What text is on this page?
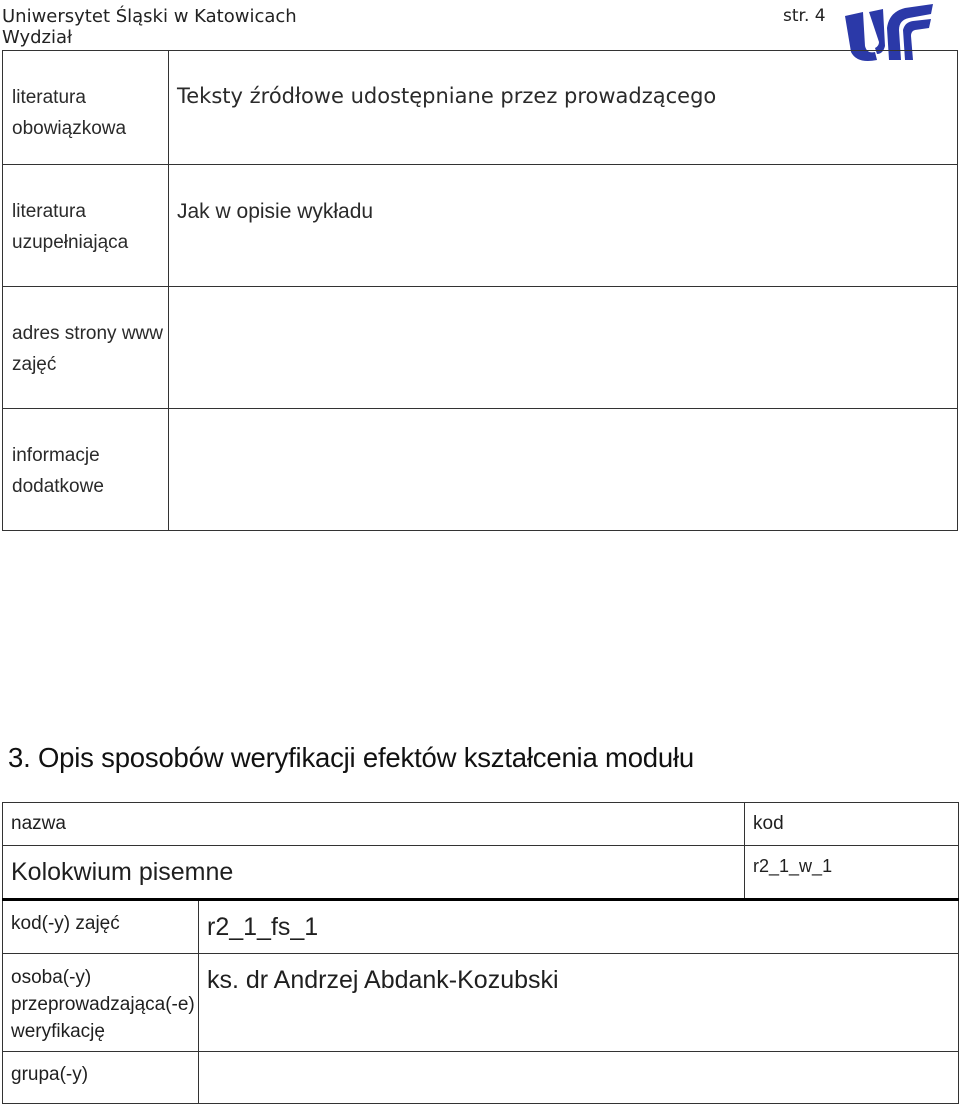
Uniwersytet Śląski w Katowicach
Wydział
str. 4
literatura obowiązkowa	Teksty źródłowe udostępniane przez prowadzącego
literatura uzupełniająca	Jak w opisie wykładu
adres strony www zajęć	
informacje dodatkowe	
3. Opis sposobów weryfikacji efektów kształcenia modułu
nazwa		kod
Kolokwium pisemne		r2_1_w_1
kod(-y) zajęć	r2_1_fs_1	
osoba(-y) przeprowadzająca(-e) weryfikację	ks. dr Andrzej Abdank-Kozubski	
grupa(-y)		
